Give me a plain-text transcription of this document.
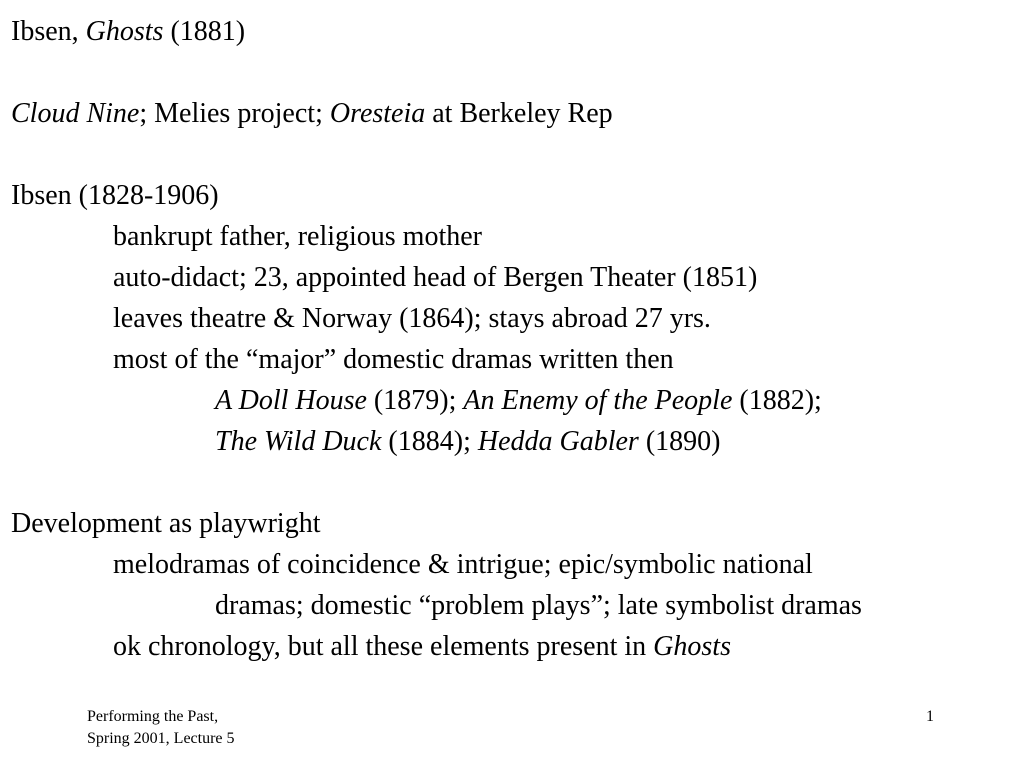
Ibsen, Ghosts (1881)
Cloud Nine; Melies project; Oresteia at Berkeley Rep
Ibsen (1828-1906)
bankrupt father, religious mother
auto-didact; 23, appointed head of Bergen Theater (1851)
leaves theatre & Norway (1864); stays abroad 27 yrs.
most of the “major” domestic dramas written then
A Doll House (1879); An Enemy of the People (1882);
The Wild Duck (1884); Hedda Gabler (1890)
Development as playwright
melodramas of coincidence & intrigue; epic/symbolic national
dramas; domestic “problem plays”; late symbolist dramas
ok chronology, but all these elements present in Ghosts
Performing the Past,
Spring 2001, Lecture 5
1
